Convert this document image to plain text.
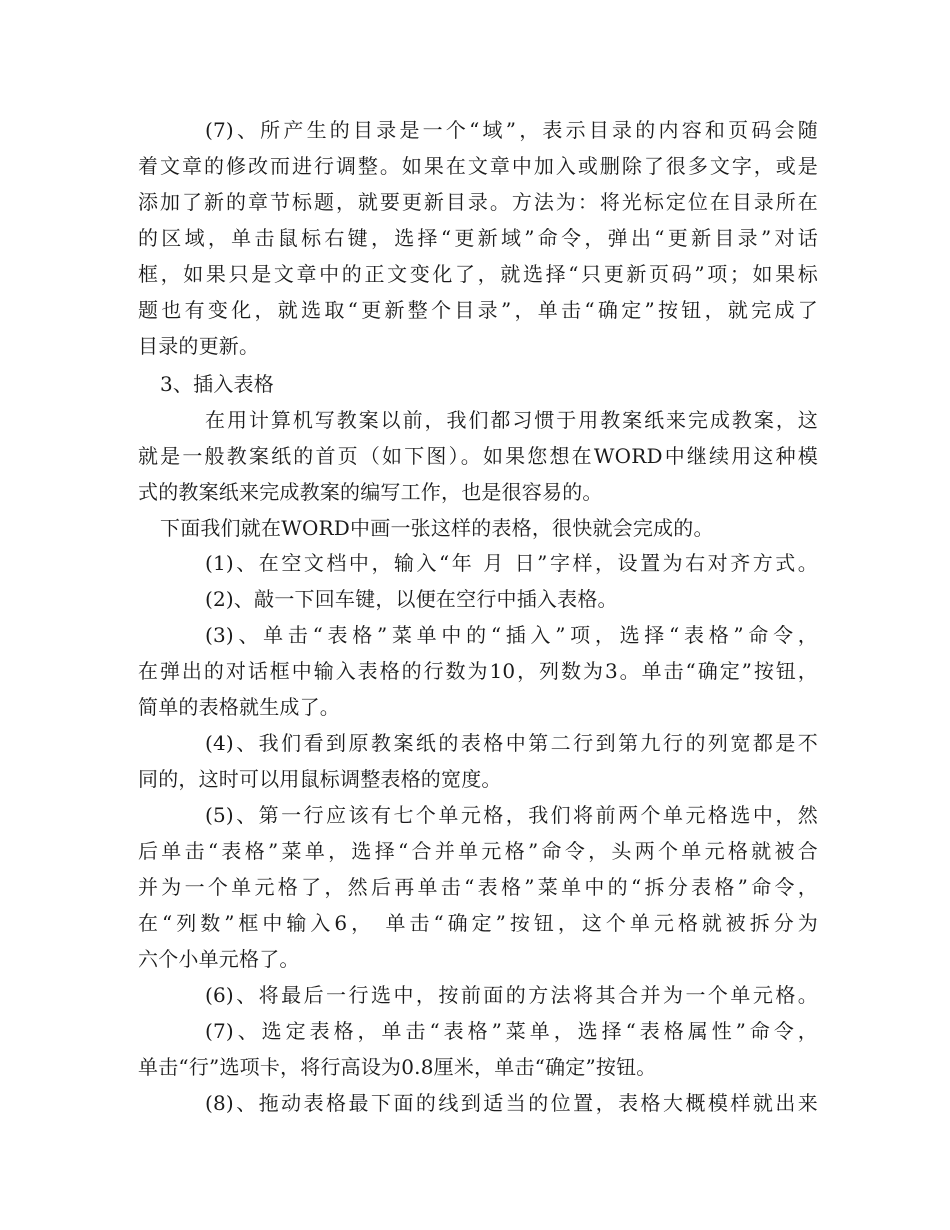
(7)、所产生的目录是一个“域”，表示目录的内容和页码会随
着文章的修改而进行调整。如果在文章中加入或删除了很多文字，或是
添加了新的章节标题，就要更新目录。方法为：将光标定位在目录所在
的区域，单击鼠标右键，选择“更新域”命令，弹出“更新目录”对话
框，如果只是文章中的正文变化了，就选择“只更新页码”项；如果标
题也有变化，就选取“更新整个目录”，单击“确定”按钮，就完成了
目录的更新。
3、插入表格
在用计算机写教案以前，我们都习惯于用教案纸来完成教案，这
就是一般教案纸的首页（如下图）。如果您想在WORD中继续用这种模
式的教案纸来完成教案的编写工作，也是很容易的。
下面我们就在WORD中画一张这样的表格，很快就会完成的。
(1)、在空文档中，输入“年 月 日”字样，设置为右对齐方式。
(2)、敲一下回车键，以便在空行中插入表格。
(3)、单击“表格”菜单中的“插入”项，选择“表格”命令，
在弹出的对话框中输入表格的行数为10，列数为3。单击“确定”按钮，
简单的表格就生成了。
(4)、我们看到原教案纸的表格中第二行到第九行的列宽都是不
同的，这时可以用鼠标调整表格的宽度。
(5)、第一行应该有七个单元格，我们将前两个单元格选中，然
后单击“表格”菜单，选择“合并单元格”命令，头两个单元格就被合
并为一个单元格了，然后再单击“表格”菜单中的“拆分表格”命令，
在“列数”框中输入6， 单击“确定”按钮，这个单元格就被拆分为
六个小单元格了。
(6)、将最后一行选中，按前面的方法将其合并为一个单元格。
(7)、选定表格，单击“表格”菜单，选择“表格属性”命令，
单击“行”选项卡，将行高设为0.8厘米，单击“确定”按钮。
(8)、拖动表格最下面的线到适当的位置，表格大概模样就出来
